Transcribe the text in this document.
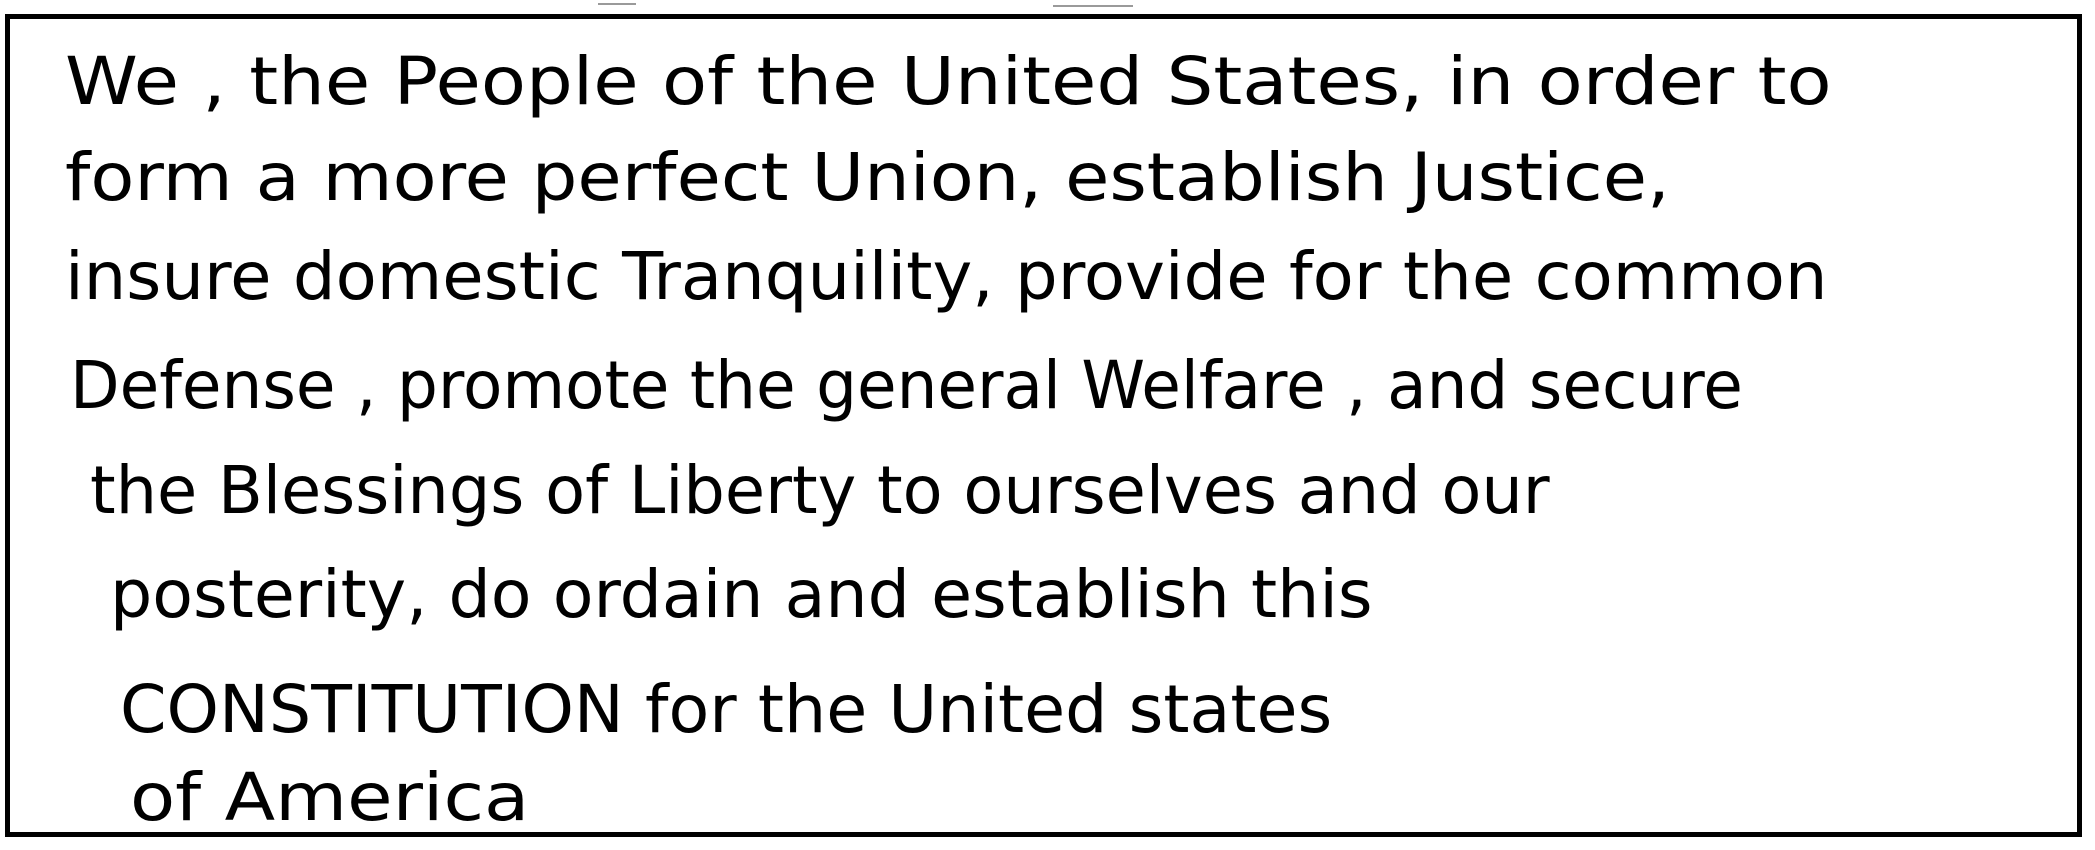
We , the People of the United States, in order to
form a more perfect Union, establish Justice,
insure domestic Tranquility, provide for the common
Defense , promote the general Welfare , and secure
the Blessings of Liberty to ourselves and our
posterity, do ordain and establish this
CONSTITUTION for the United states
of America
